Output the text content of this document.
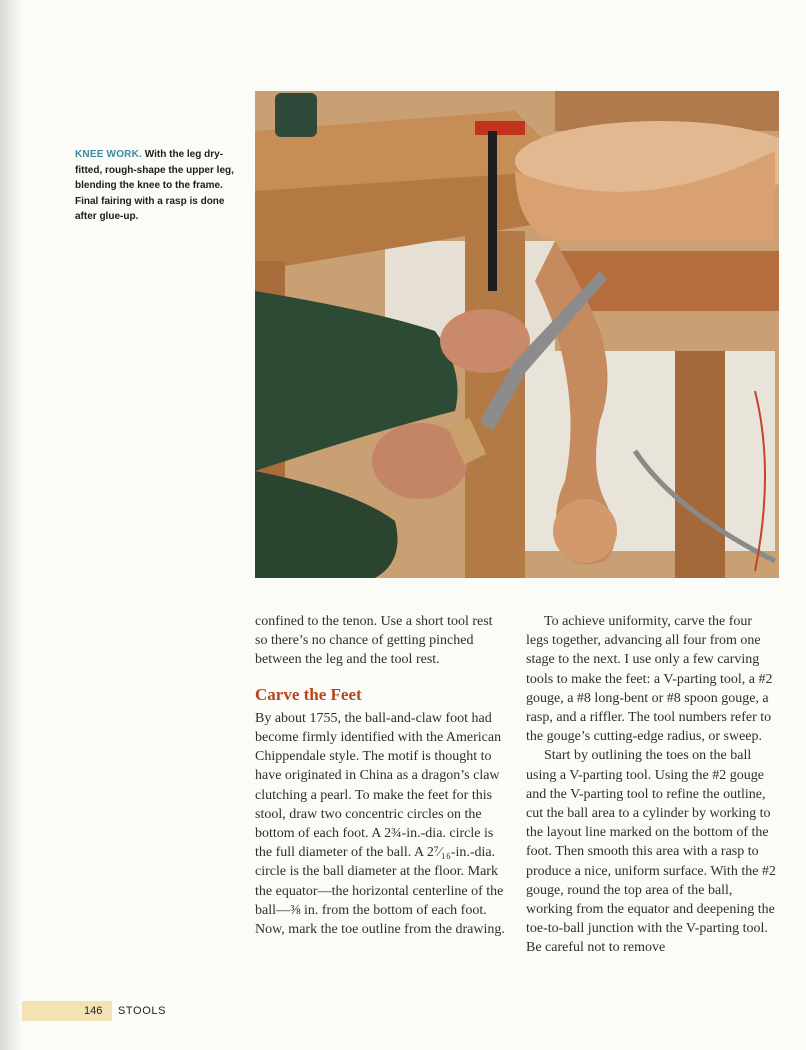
KNEE WORK. With the leg dry-fitted, rough-shape the upper leg, blending the knee to the frame. Final fairing with a rasp is done after glue-up.

confined to the tenon. Use a short tool rest so there’s no chance of getting pinched between the leg and the tool rest.

Carve the Feet

By about 1755, the ball-and-claw foot had become firmly identified with the American Chippendale style. The motif is thought to have originated in China as a dragon’s claw clutching a pearl. To make the feet for this stool, draw two concentric circles on the bottom of each foot. A 2¾-in.-dia. circle is the full diameter of the ball. A 2⁷⁄₁₆-in.-dia. circle is the ball diameter at the floor. Mark the equator—the horizontal centerline of the ball—⅜ in. from the bottom of each foot. Now, mark the toe outline from the drawing.

To achieve uniformity, carve the four legs together, advancing all four from one stage to the next. I use only a few carving tools to make the feet: a V-parting tool, a #2 gouge, a #8 long-bent or #8 spoon gouge, a rasp, and a riffler. The tool numbers refer to the gouge’s cutting-edge radius, or sweep.

Start by outlining the toes on the ball using a V-parting tool. Using the #2 gouge and the V-parting tool to refine the outline, cut the ball area to a cylinder by working to the layout line marked on the bottom of the foot. Then smooth this area with a rasp to produce a nice, uniform surface. With the #2 gouge, round the top area of the ball, working from the equator and deepening the toe-to-ball junction with the V-parting tool. Be careful not to remove

146 STOOLS
